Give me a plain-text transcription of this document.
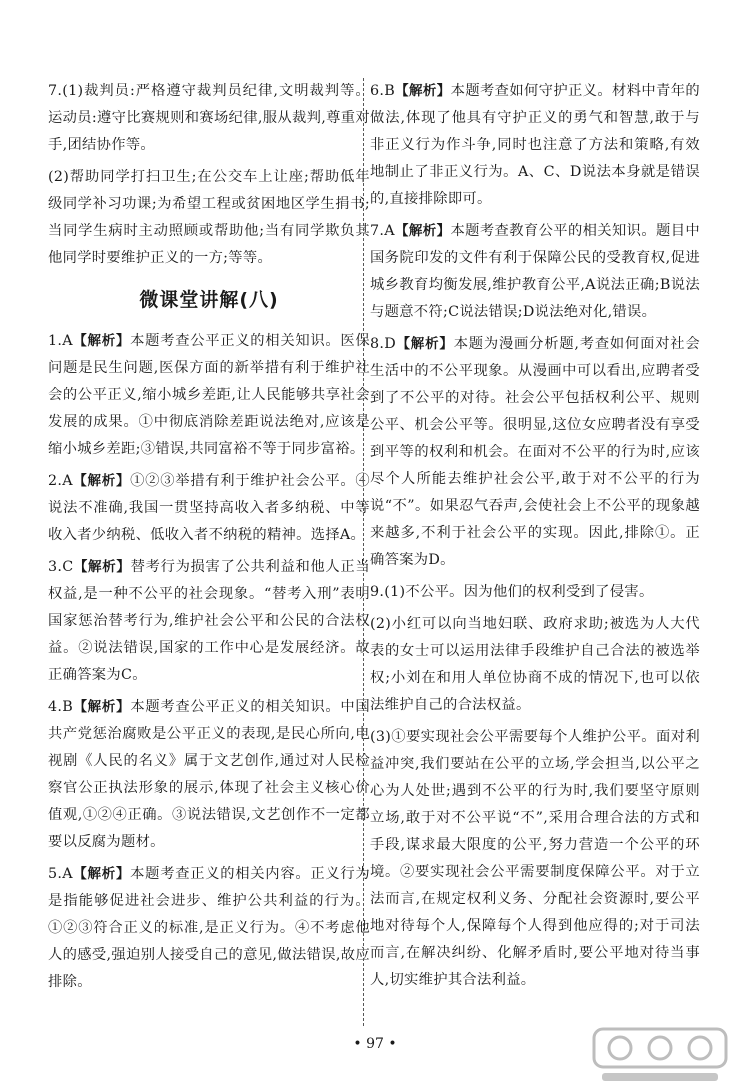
7.(1)裁判员:严格遵守裁判员纪律,文明裁判等。运动员:遵守比赛规则和赛场纪律,服从裁判,尊重对手,团结协作等。

(2)帮助同学打扫卫生;在公交车上让座;帮助低年级同学补习功课;为希望工程或贫困地区学生捐书;当同学生病时主动照顾或帮助他;当有同学欺负其他同学时要维护正义的一方;等等。

微课堂讲解(八)

1.A【解析】本题考查公平正义的相关知识。医保问题是民生问题,医保方面的新举措有利于维护社会的公平正义,缩小城乡差距,让人民能够共享社会发展的成果。①中彻底消除差距说法绝对,应该是缩小城乡差距;③错误,共同富裕不等于同步富裕。

2.A【解析】①②③举措有利于维护社会公平。④说法不准确,我国一贯坚持高收入者多纳税、中等收入者少纳税、低收入者不纳税的精神。选择A。

3.C【解析】替考行为损害了公共利益和他人正当权益,是一种不公平的社会现象。“替考入刑”表明国家惩治替考行为,维护社会公平和公民的合法权益。②说法错误,国家的工作中心是发展经济。故正确答案为C。

4.B【解析】本题考查公平正义的相关知识。中国共产党惩治腐败是公平正义的表现,是民心所向,电视剧《人民的名义》属于文艺创作,通过对人民检察官公正执法形象的展示,体现了社会主义核心价值观,①②④正确。③说法错误,文艺创作不一定都要以反腐为题材。

5.A【解析】本题考查正义的相关内容。正义行为是指能够促进社会进步、维护公共利益的行为。①②③符合正义的标准,是正义行为。④不考虑他人的感受,强迫别人接受自己的意见,做法错误,故应排除。

6.B【解析】本题考查如何守护正义。材料中青年的做法,体现了他具有守护正义的勇气和智慧,敢于与非正义行为作斗争,同时也注意了方法和策略,有效地制止了非正义行为。A、C、D说法本身就是错误的,直接排除即可。

7.A【解析】本题考查教育公平的相关知识。题目中国务院印发的文件有利于保障公民的受教育权,促进城乡教育均衡发展,维护教育公平,A说法正确;B说法与题意不符;C说法错误;D说法绝对化,错误。

8.D【解析】本题为漫画分析题,考查如何面对社会生活中的不公平现象。从漫画中可以看出,应聘者受到了不公平的对待。社会公平包括权利公平、规则公平、机会公平等。很明显,这位女应聘者没有享受到平等的权利和机会。在面对不公平的行为时,应该尽个人所能去维护社会公平,敢于对不公平的行为说“不”。如果忍气吞声,会使社会上不公平的现象越来越多,不利于社会公平的实现。因此,排除①。正确答案为D。

9.(1)不公平。因为他们的权利受到了侵害。

(2)小红可以向当地妇联、政府求助;被选为人大代表的女士可以运用法律手段维护自己合法的被选举权;小刘在和用人单位协商不成的情况下,也可以依法维护自己的合法权益。

(3)①要实现社会公平需要每个人维护公平。面对利益冲突,我们要站在公平的立场,学会担当,以公平之心为人处世;遇到不公平的行为时,我们要坚守原则立场,敢于对不公平说“不”,采用合理合法的方式和手段,谋求最大限度的公平,努力营造一个公平的环境。②要实现社会公平需要制度保障公平。对于立法而言,在规定权利义务、分配社会资源时,要公平地对待每个人,保障每个人得到他应得的;对于司法而言,在解决纠纷、化解矛盾时,要公平地对待当事人,切实维护其合法利益。

• 97 •
